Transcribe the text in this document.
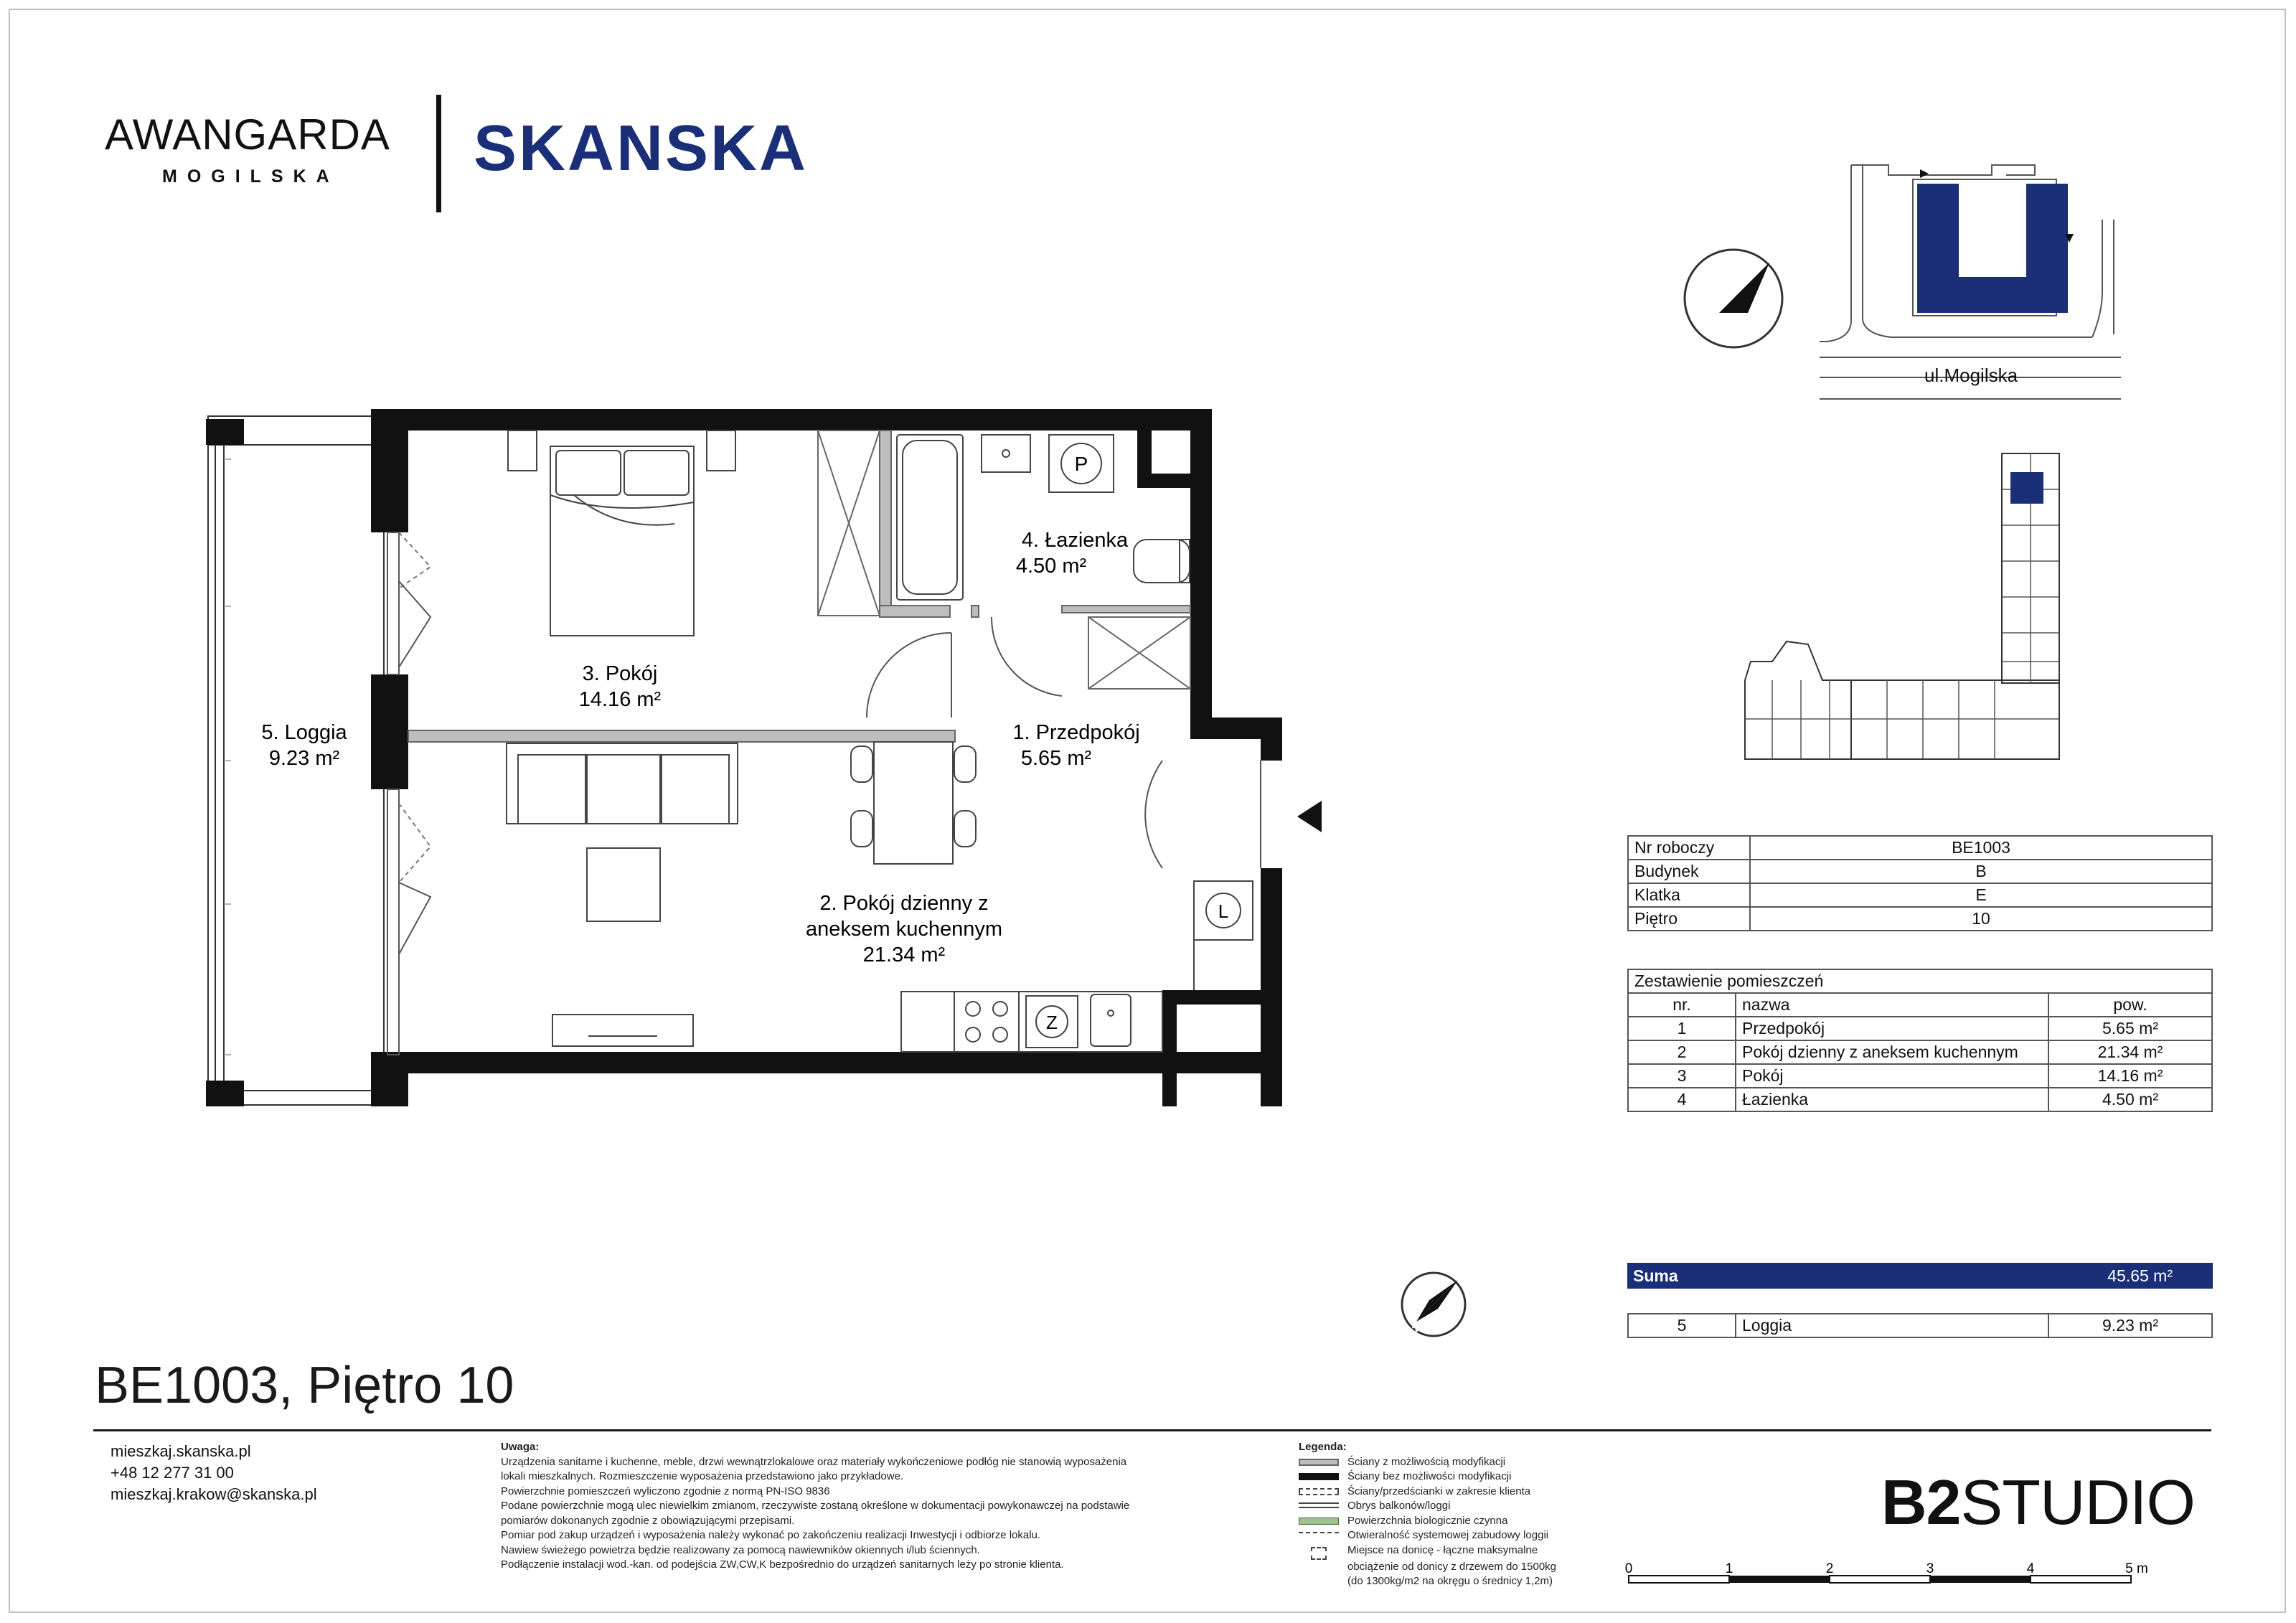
AWANGARDA
MOGILSKA SKANSKA
P
L
Z
4. Łazienka
4.50 m²
3. Pokój
14.16 m²
1. Przedpokój
5.65 m²
2. Pokój dzienny z
aneksem kuchennym
21.34 m²
5. Loggia
9.23 m²
N
ul.Mogilska
Nr roboczy	BE1003
Budynek	B
Klatka	E
Piętro	10
Zestawienie pomieszczeń		
nr.	nazwa	pow.
1	Przedpokój	5.65 m²
2	Pokój dzienny z aneksem kuchennym	21.34 m²
3	Pokój	14.16 m²
4	Łazienka	4.50 m²
Suma	45.65 m²
N	5	Loggia	9.23 m²
BE1003, Piętro 10
mieszkaj.skanska.pl
+48 12 277 31 00
mieszkaj.krakow@skanska.pl
Uwaga:
Urządzenia sanitarne i kuchenne, meble, drzwi wewnątrzlokalowe oraz materiały wykończeniowe podłóg nie stanowią wyposażenia
lokali mieszkalnych. Rozmieszczenie wyposażenia przedstawiono jako przykładowe.
Powierzchnie pomieszczeń wyliczono zgodnie z normą PN-ISO 9836
Podane powierzchnie mogą ulec niewielkim zmianom, rzeczywiste zostaną określone w dokumentacji powykonawczej na podstawie
pomiarów dokonanych zgodnie z obowiązującymi przepisami.
Pomiar pod zakup urządzeń i wyposażenia należy wykonać po zakończeniu realizacji Inwestycji i odbiorze lokalu.
Nawiew świeżego powietrza będzie realizowany za pomocą nawiewników okiennych i/lub ściennych.
Podłączenie instalacji wod.-kan. od podejścia ZW,CW,K bezpośrednio do urządzeń sanitarnych leży po stronie klienta.
Legenda:
Ściany z możliwością modyfikacji
Ściany bez możliwości modyfikacji
Ściany/przedścianki w zakresie klienta
Obrys balkonów/loggi
Powierzchnia biologicznie czynna
Otwieralność systemowej zabudowy loggii
Miejsce na donicę - łączne maksymalne
obciążenie od donicy z drzewem do 1500kg
(do 1300kg/m2 na okręgu o średnicy 1,2m)
B2STUDIO
0	1	2	3	4	5 m
